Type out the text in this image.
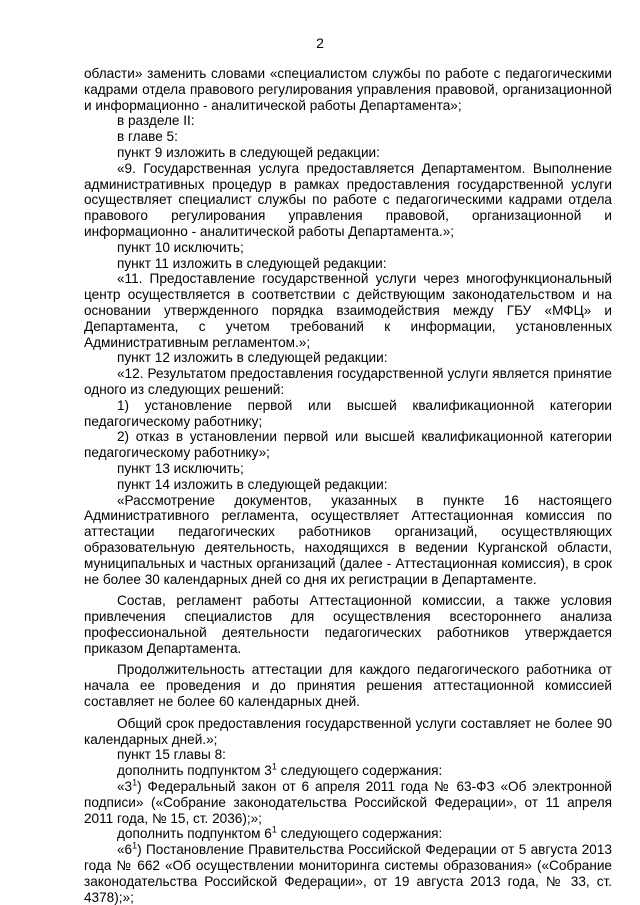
2

области» заменить словами «специалистом службы по работе с педагогическими кадрами отдела правового регулирования управления правовой, организационной и информационно - аналитической работы Департамента»;

в разделе II:

в главе 5:

пункт 9 изложить в следующей редакции:

«9. Государственная услуга предоставляется Департаментом. Выполнение административных процедур в рамках предоставления государственной услуги осуществляет специалист службы по работе с педагогическими кадрами отдела правового регулирования управления правовой, организационной и информационно - аналитической работы Департамента.»;

пункт 10 исключить;

пункт 11 изложить в следующей редакции:

«11. Предоставление государственной услуги через многофункциональный центр осуществляется в соответствии с действующим законодательством и на основании утвержденного порядка взаимодействия между ГБУ «МФЦ» и Департамента, с учетом требований к информации, установленных Административным регламентом.»;

пункт 12 изложить в следующей редакции:

«12. Результатом предоставления государственной услуги является принятие одного из следующих решений:

1) установление первой или высшей квалификационной категории педагогическому работнику;

2) отказ в установлении первой или высшей квалификационной категории педагогическому работнику»;

пункт 13 исключить;

пункт 14 изложить в следующей редакции:

«Рассмотрение документов, указанных в пункте 16 настоящего Административного регламента, осуществляет Аттестационная комиссия по аттестации педагогических работников организаций, осуществляющих образовательную деятельность, находящихся в ведении Курганской области, муниципальных и частных организаций (далее - Аттестационная комиссия), в срок не более 30 календарных дней со дня их регистрации в Департаменте.

Состав, регламент работы Аттестационной комиссии, а также условия привлечения специалистов для осуществления всестороннего анализа профессиональной деятельности педагогических работников утверждается приказом Департамента.

Продолжительность аттестации для каждого педагогического работника от начала ее проведения и до принятия решения аттестационной комиссией составляет не более 60 календарных дней.

Общий срок предоставления государственной услуги составляет не более 90 календарных дней.»;

пункт 15 главы 8:

дополнить подпунктом $3^1$ следующего содержания:

«$3^1$) Федеральный закон от 6 апреля 2011 года № 63-ФЗ «Об электронной подписи» («Собрание законодательства Российской Федерации», от 11 апреля 2011 года, № 15, ст. 2036);»;

дополнить подпунктом $6^1$ следующего содержания:

«$6^1$) Постановление Правительства Российской Федерации от 5 августа 2013 года № 662 «Об осуществлении мониторинга системы образования» («Собрание законодательства Российской Федерации», от 19 августа 2013 года, № 33, ст. 4378);»;
